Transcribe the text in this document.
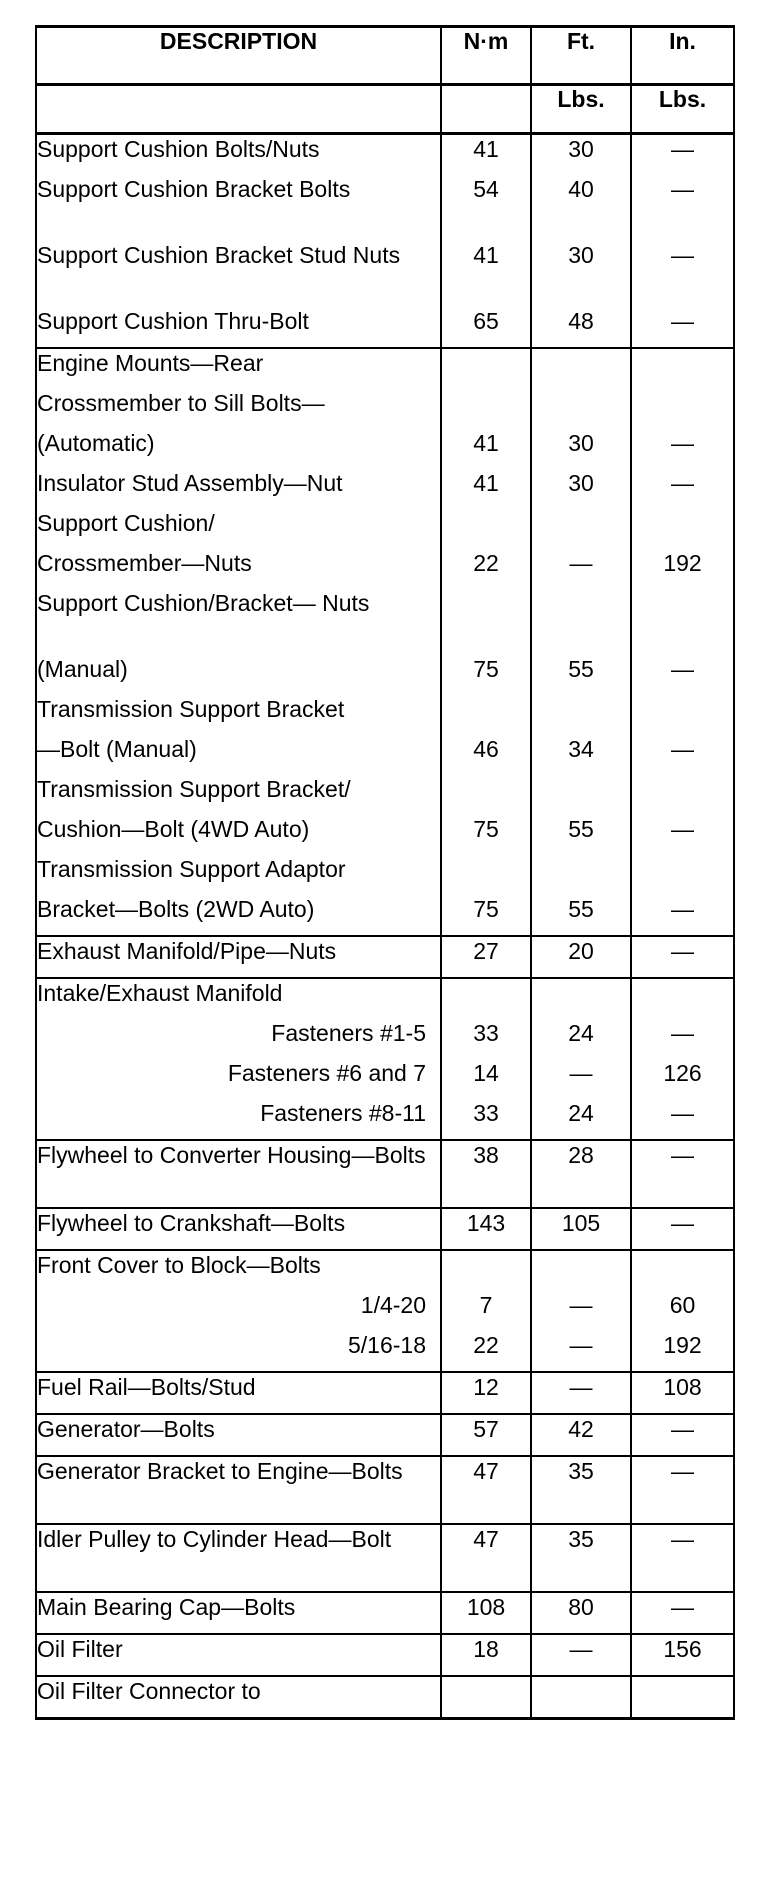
DESCRIPTION	N·m	Ft.	In.
		Lbs.	Lbs.
Support Cushion Bolts/Nuts	41	30	—
Support Cushion Bracket Bolts	54	40	—
Support Cushion Bracket Stud Nuts	41	30	—
Support Cushion Thru-Bolt	65	48	—
Engine Mounts—Rear			
Crossmember to Sill Bolts—			
(Automatic)	41	30	—
Insulator Stud Assembly—Nut	41	30	—
Support Cushion/			
Crossmember—Nuts	22	—	192
Support Cushion/Bracket— Nuts			
(Manual)	75	55	—
Transmission Support Bracket			
—Bolt (Manual)	46	34	—
Transmission Support Bracket/			
Cushion—Bolt (4WD Auto)	75	55	—
Transmission Support Adaptor			
Bracket—Bolts (2WD Auto)	75	55	—
Exhaust Manifold/Pipe—Nuts	27	20	—
Intake/Exhaust Manifold			
Fasteners #1-5	33	24	—
Fasteners #6 and 7	14	—	126
Fasteners #8-11	33	24	—
Flywheel to Converter Housing—Bolts	38	28	—
Flywheel to Crankshaft—Bolts	143	105	—
Front Cover to Block—Bolts			
1/4-20	7	—	60
5/16-18	22	—	192
Fuel Rail—Bolts/Stud	12	—	108
Generator—Bolts	57	42	—
Generator Bracket to Engine—Bolts	47	35	—
Idler Pulley to Cylinder Head—Bolt	47	35	—
Main Bearing Cap—Bolts	108	80	—
Oil Filter	18	—	156
Oil Filter Connector to			
